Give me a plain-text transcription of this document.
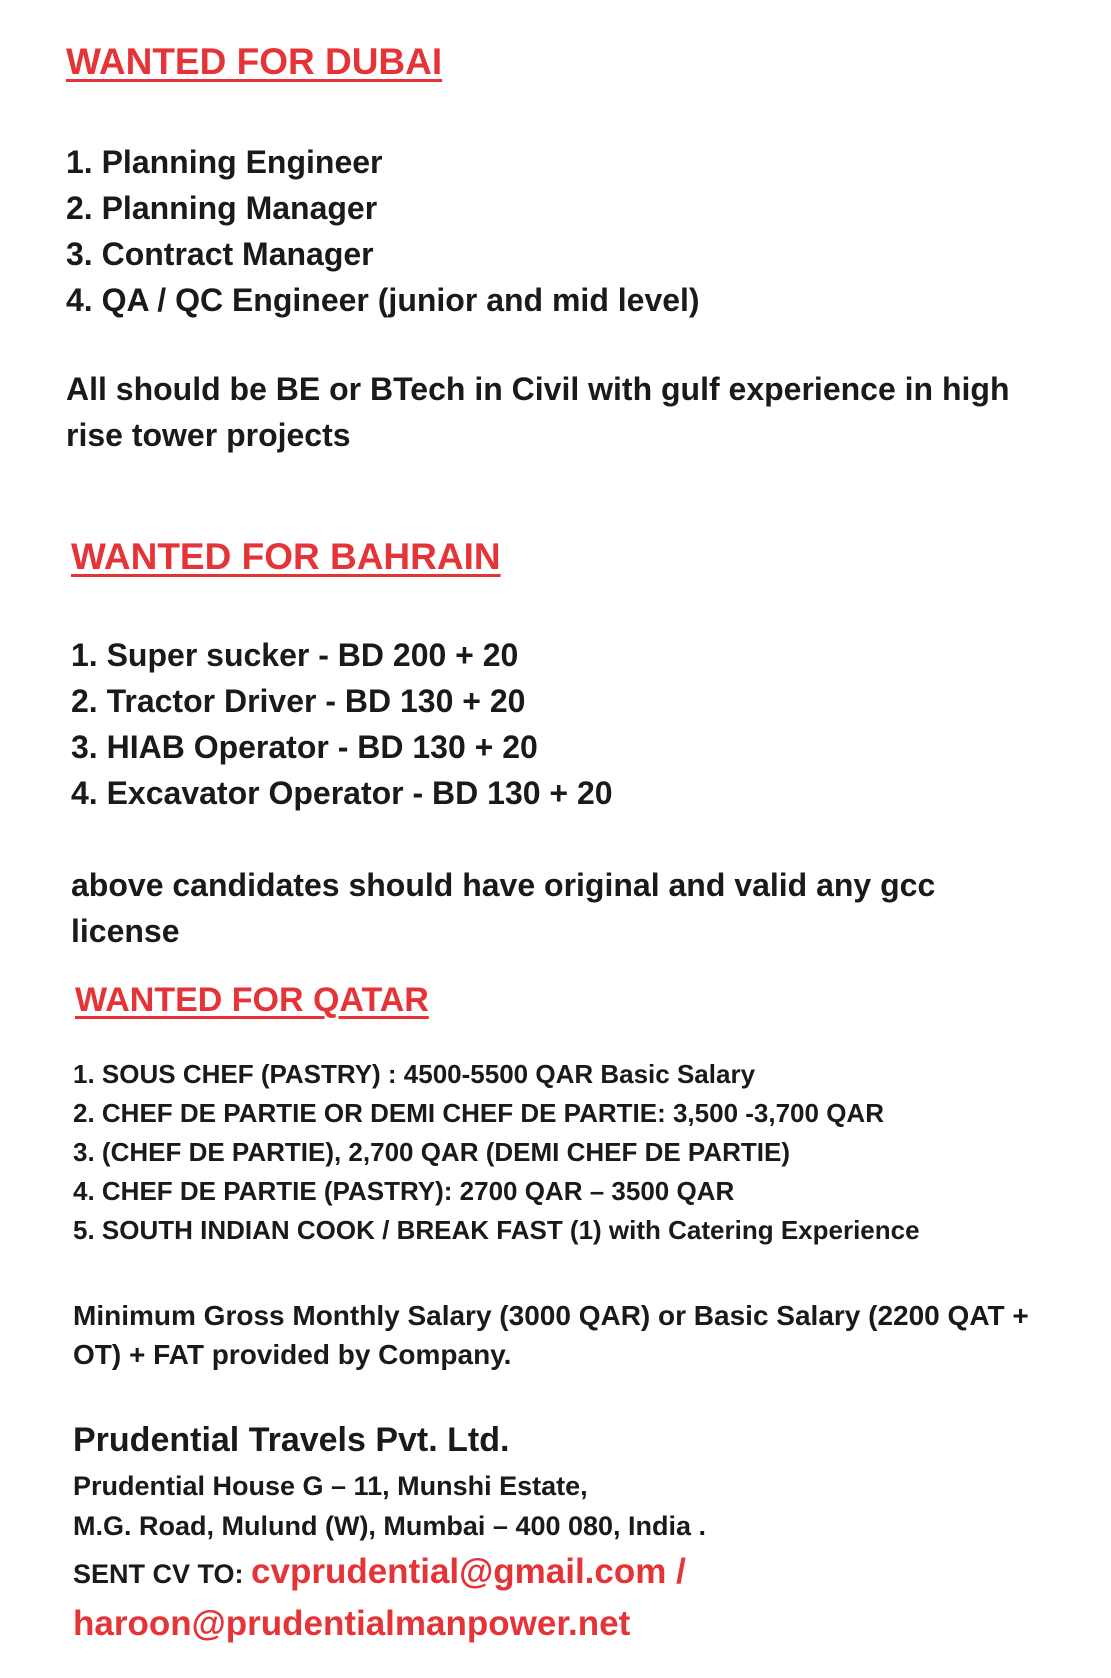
WANTED FOR DUBAI
1. Planning Engineer
2. Planning Manager
3. Contract Manager
4. QA / QC Engineer (junior and mid level)

All should be BE or BTech in Civil with gulf experience in high rise tower projects

WANTED FOR BAHRAIN
1. Super sucker - BD 200 + 20
2. Tractor Driver - BD 130 + 20
3. HIAB Operator - BD 130 + 20
4. Excavator Operator - BD 130 + 20

above candidates should have original and valid any gcc license

WANTED FOR QATAR
1. SOUS CHEF (PASTRY) : 4500-5500 QAR Basic Salary
2. CHEF DE PARTIE OR DEMI CHEF DE PARTIE: 3,500 -3,700 QAR
3. (CHEF DE PARTIE), 2,700 QAR (DEMI CHEF DE PARTIE)
4. CHEF DE PARTIE (PASTRY): 2700 QAR – 3500 QAR
5. SOUTH INDIAN COOK / BREAK FAST (1) with Catering Experience

Minimum Gross Monthly Salary (3000 QAR) or Basic Salary (2200 QAT + OT) + FAT provided by Company.

Prudential Travels Pvt. Ltd.
Prudential House G – 11, Munshi Estate,
M.G. Road, Mulund (W), Mumbai – 400 080, India .
SENT CV TO: cvprudential@gmail.com /
haroon@prudentialmanpower.net
